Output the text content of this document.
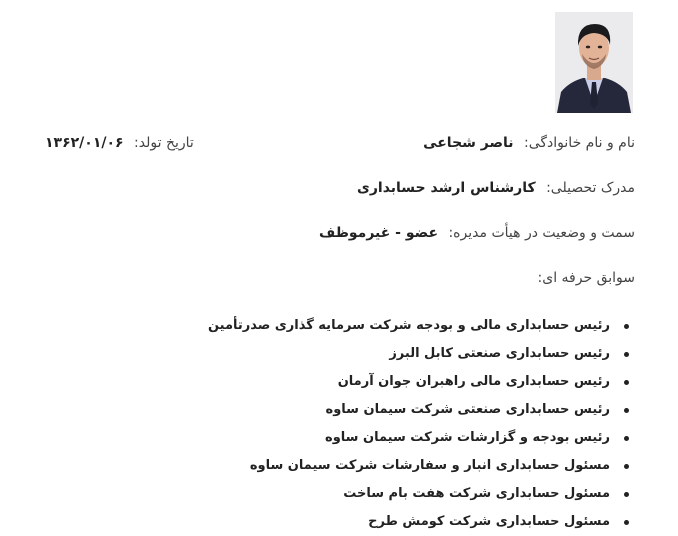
نام و نام خانوادگی: ناصر شجاعی
تاریخ تولد: ۱۳۶۲/۰۱/۰۶
مدرک تحصیلی: کارشناس ارشد حسابداری
سمت و وضعیت در هیأت مدیره: عضو - غیرموظف
سوابق حرفه ای:
رئیس حسابداری مالی و بودجه شرکت سرمایه گذاری صدرتأمین
رئیس حسابداری صنعتی کابل البرز
رئیس حسابداری مالی راهبران جوان آرمان
رئیس حسابداری صنعتی شرکت سیمان ساوه
رئیس بودجه و گزارشات شرکت سیمان ساوه
مسئول حسابداری انبار و سفارشات شرکت سیمان ساوه
مسئول حسابداری شرکت هفت بام ساخت
مسئول حسابداری شرکت کومش طرح
